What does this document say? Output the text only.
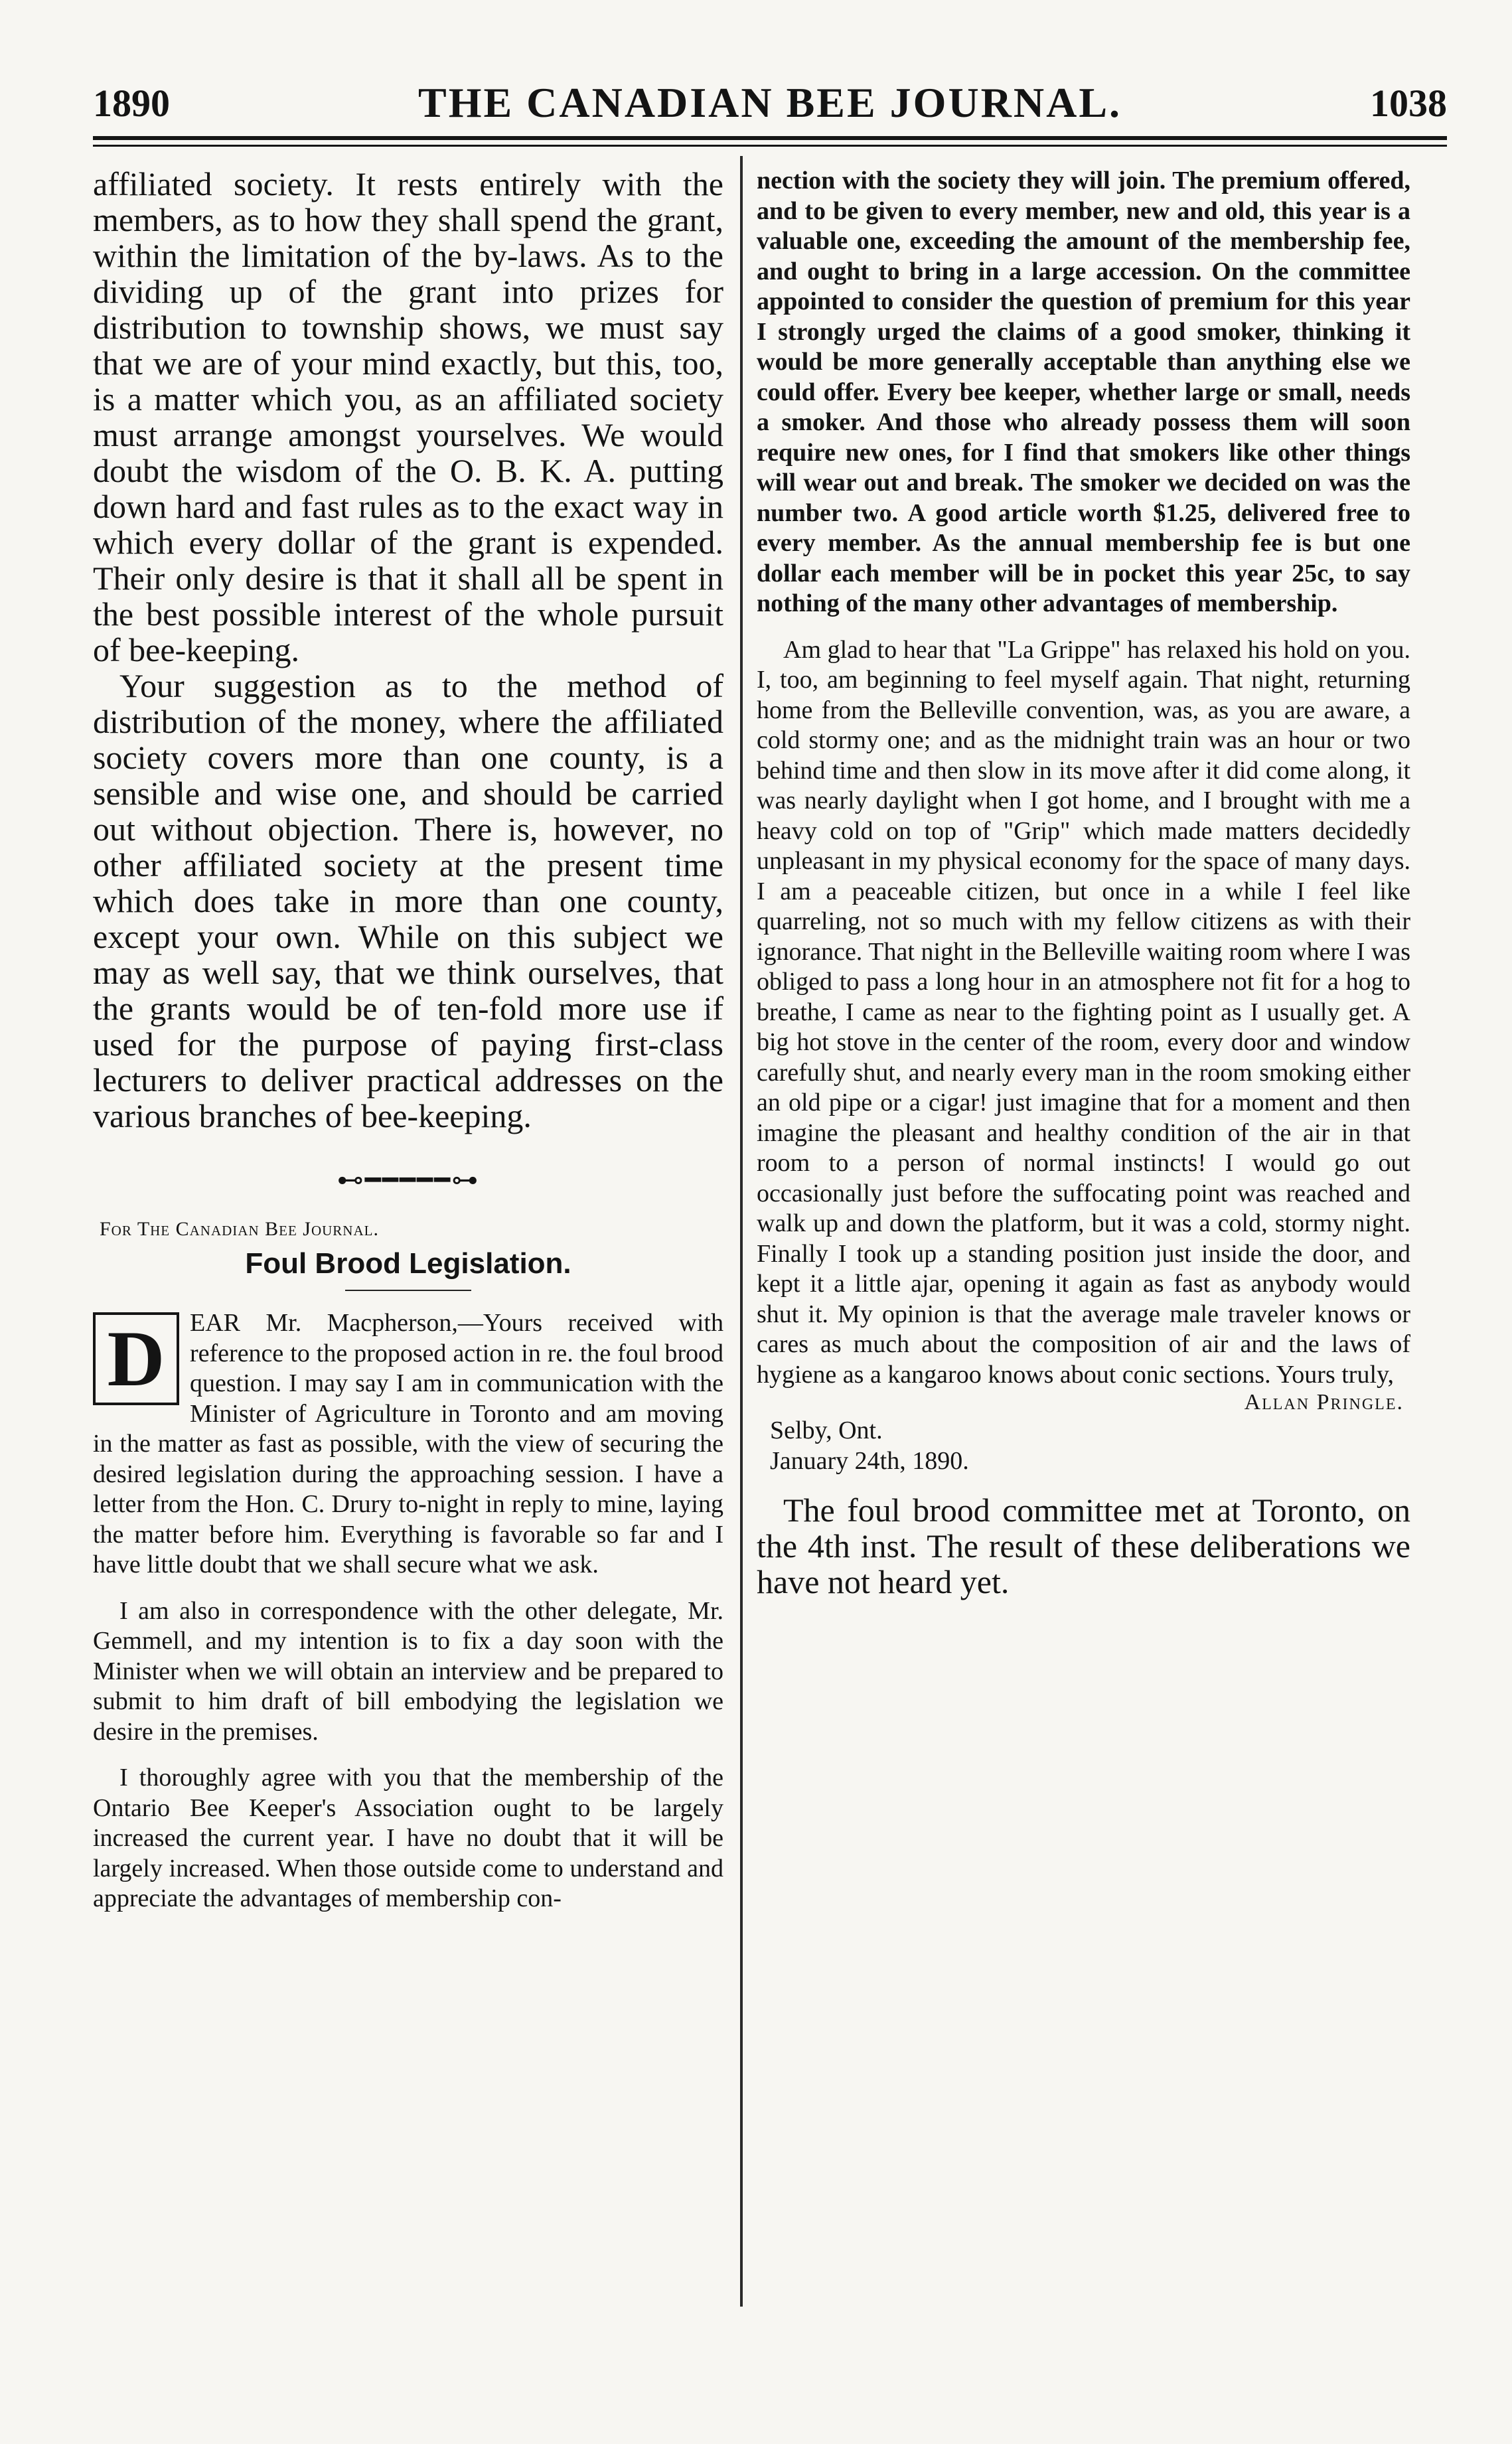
1890	THE CANADIAN BEE JOURNAL.	1038

affiliated society. It rests entirely with the members, as to how they shall spend the grant, within the limitation of the by-laws. As to the dividing up of the grant into prizes for distribution to township shows, we must say that we are of your mind exactly, but this, too, is a matter which you, as an affiliated society must arrange amongst yourselves. We would doubt the wisdom of the O. B. K. A. putting down hard and fast rules as to the exact way in which every dollar of the grant is expended. Their only desire is that it shall all be spent in the best possible interest of the whole pursuit of bee-keeping.

Your suggestion as to the method of distribution of the money, where the affiliated society covers more than one county, is a sensible and wise one, and should be carried out without objection. There is, however, no other affiliated society at the present time which does take in more than one county, except your own. While on this subject we may as well say, that we think ourselves, that the grants would be of ten-fold more use if used for the purpose of paying first-class lecturers to deliver practical addresses on the various branches of bee-keeping.

⊷━━━━━⊶
For The Canadian Bee Journal.
Foul Brood Legislation.
D EAR Mr. Macpherson,—Yours received with reference to the proposed action in re. the foul brood question. I may say I am in communication with the Minister of Agriculture in Toronto and am moving in the matter as fast as possible, with the view of securing the desired legislation during the approaching session. I have a letter from the Hon. C. Drury to-night in reply to mine, laying the matter before him. Everything is favorable so far and I have little doubt that we shall secure what we ask.

I am also in correspondence with the other delegate, Mr. Gemmell, and my intention is to fix a day soon with the Minister when we will obtain an interview and be prepared to submit to him draft of bill embodying the legislation we desire in the premises.

I thoroughly agree with you that the membership of the Ontario Bee Keeper's Association ought to be largely increased the current year. I have no doubt that it will be largely increased. When those outside come to understand and appreciate the advantages of membership con-

nection with the society they will join. The premium offered, and to be given to every member, new and old, this year is a valuable one, exceeding the amount of the membership fee, and ought to bring in a large accession. On the committee appointed to consider the question of premium for this year I strongly urged the claims of a good smoker, thinking it would be more generally acceptable than anything else we could offer. Every bee keeper, whether large or small, needs a smoker. And those who already possess them will soon require new ones, for I find that smokers like other things will wear out and break. The smoker we decided on was the number two. A good article worth $1.25, delivered free to every member. As the annual membership fee is but one dollar each member will be in pocket this year 25c, to say nothing of the many other advantages of membership.

Am glad to hear that "La Grippe" has relaxed his hold on you. I, too, am beginning to feel myself again. That night, returning home from the Belleville convention, was, as you are aware, a cold stormy one; and as the midnight train was an hour or two behind time and then slow in its move after it did come along, it was nearly daylight when I got home, and I brought with me a heavy cold on top of "Grip" which made matters decidedly unpleasant in my physical economy for the space of many days. I am a peaceable citizen, but once in a while I feel like quarreling, not so much with my fellow citizens as with their ignorance. That night in the Belleville waiting room where I was obliged to pass a long hour in an atmosphere not fit for a hog to breathe, I came as near to the fighting point as I usually get. A big hot stove in the center of the room, every door and window carefully shut, and nearly every man in the room smoking either an old pipe or a cigar! just imagine that for a moment and then imagine the pleasant and healthy condition of the air in that room to a person of normal instincts! I would go out occasionally just before the suffocating point was reached and walk up and down the platform, but it was a cold, stormy night. Finally I took up a standing position just inside the door, and kept it a little ajar, opening it again as fast as anybody would shut it. My opinion is that the average male traveler knows or cares as much about the composition of air and the laws of hygiene as a kangaroo knows about conic sections. Yours truly,

Allan Pringle.
Selby, Ont.
January 24th, 1890.

The foul brood committee met at Toronto, on the 4th inst. The result of these deliberations we have not heard yet.
